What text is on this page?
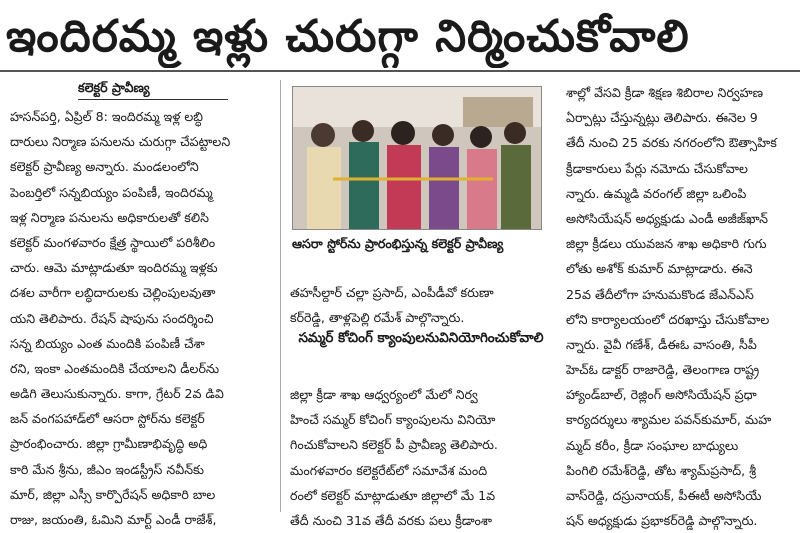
ఇందిరమ్మ ఇళ్లు చురుగ్గా నిర్మించుకోవాలి
కలెక్టర్ ప్రావీణ్య
హసన్‌పర్తి, ఏప్రిల్ 8: ఇందిరమ్మ ఇళ్ల లబ్ధి
దారులు నిర్మాణ పనులను చురుగ్గా చేపట్టాలని
కలెక్టర్ ప్రావీణ్య అన్నారు. మండలంలోని
పెంబర్తిలో సన్నబియ్యం పంపిణీ, ఇందిరమ్మ
ఇళ్ల నిర్మాణ పనులను అధికారులతో కలిసి
కలెక్టర్ మంగళవారం క్షేత్ర స్థాయిలో పరిశీలిం
చారు. ఆమె మాట్లాడుతూ ఇందిరమ్మ ఇళ్లకు
దశల వారీగా లబ్ధిదారులకు చెల్లింపులవుతా
యని తెలిపారు. రేషన్ షాపును సందర్శించి
సన్న బియ్యం ఎంత మందికి పంపిణీ చేశా
రని, ఇంకా ఎంతమందికి చేయాలని డీలర్‌ను
అడిగి తెలుసుకున్నారు. కాగా, గ్రేటర్ 2వ డివి
జన్ వంగపహాడ్‌లో ఆసరా స్టోర్‌ను కలెక్టర్
ప్రారంభించారు. జిల్లా గ్రామీణాభివృద్ధి అధి
కారి మేన శ్రీను, జీఎం ఇండస్ట్రీస్ నవీన్‌కు
మార్, జిల్లా ఎస్సీ కార్పొరేషన్ అధికారి బాల
రాజు, జయంతి, ఓమిని మార్ట్ ఎండీ రాజేశ్,
ఆసరా స్టోర్‌ను ప్రారంభిస్తున్న కలెక్టర్ ప్రావీణ్య
తహసీల్దార్ చల్లా ప్రసాద్, ఎంపీడీవో కరుణా
కర్‌రెడ్డి, తాళ్లపెల్లి రమేశ్ పాల్గొన్నారు.
సమ్మర్ కోచింగ్ క్యాంపులనువినియోగించుకోవాలి
జిల్లా క్రీడా శాఖ ఆధ్వర్యంలో మేలో నిర్వ
హించే సమ్మర్ కోచింగ్ క్యాంపులను వినియో
గించుకోవాలని కలెక్టర్ పీ ప్రావీణ్య తెలిపారు.
మంగళవారం కలెక్టరేట్‌లో సమావేశ మంది
రంలో కలెక్టర్ మాట్లాడుతూ జిల్లాలో మే 1వ
తేదీ నుంచి 31వ తేదీ వరకు పలు క్రీడాంశా
శాల్లో వేసవి క్రీడా శిక్షణ శిబిరాల నిర్వహణ
ఏర్పాట్లు చేస్తున్నట్లు తెలిపారు. ఈనెల 9
తేదీ నుంచి 25 వరకు నగరంలోని ఔత్సాహిక
క్రీడాకారులు పేర్లు నమోదు చేసుకోవాల
న్నారు. ఉమ్మడి వరంగల్ జిల్లా ఒలింపి
అసోసియేషన్ అధ్యక్షుడు ఎండీ అజీజ్‌ఖాన్
జిల్లా క్రీడలు యువజన శాఖ అధికారి గుగు
లోతు అశోక్ కుమార్ మాట్లాడారు. ఈనె
25వ తేదీలోగా హనుమకొండ జేఎన్ఎస్
లోని కార్యాలయంలో దరఖాస్తు చేసుకోవాల
న్నారు. వైవీ గణేశ్, డీఈఓ వాసంతి, సీపీ
హెచ్ఓ డాక్టర్ రాజారెడ్డి, తెలంగాణ రాష్ట్ర
హ్యాండ్‌బాల్, రెజ్లింగ్ అసోసియేషన్ ప్రధా
కార్యదర్శులు శ్యామల పవన్‌కుమార్, మహ
మ్మద్ కరీం, క్రీడా సంఘాల బాధ్యులు
పింగిలి రమేశ్‌రెడ్డి, తోట శ్యామ్‌ప్రసాద్, శ్రీ
వాస్‌రెడ్డి, దస్రునాయక్, పీఈటీ అసోసియే
షన్ అధ్యక్షుడు ప్రభాకర్‌రెడ్డి పాల్గొన్నారు.
